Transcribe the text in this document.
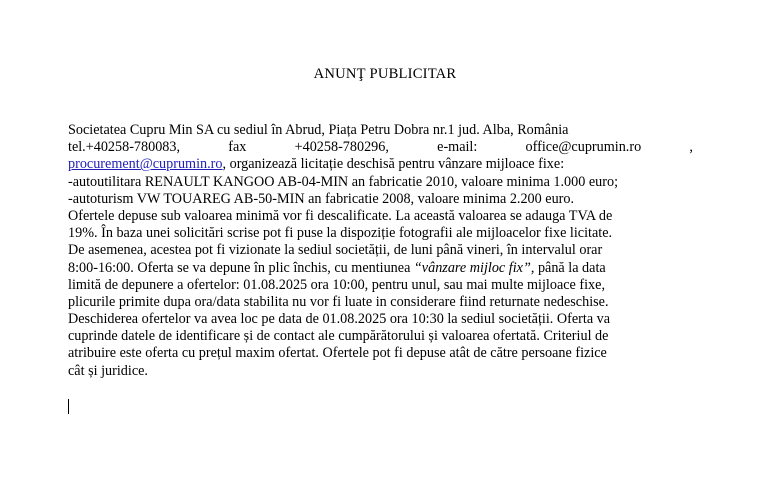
ANUNŢ PUBLICITAR
Societatea Cupru Min SA cu sediul în Abrud, Piața Petru Dobra nr.1 jud. Alba, România
tel.+40258-780083,	fax	+40258-780296,	e-mail:	office@cuprumin.ro	,
procurement@cuprumin.ro, organizează licitație deschisă pentru vânzare mijloace fixe:
-autoutilitara RENAULT KANGOO AB-04-MIN an fabricatie 2010, valoare minima 1.000 euro;
-autoturism VW TOUAREG AB-50-MIN an fabricatie 2008, valoare minima 2.200 euro.
Ofertele depuse sub valoarea minimă vor fi descalificate. La această valoarea se adauga TVA de
19%. În baza unei solicitări scrise pot fi puse la dispoziție fotografii ale mijloacelor fixe licitate.
De asemenea, acestea pot fi vizionate la sediul societății, de luni până vineri, în intervalul orar
8:00-16:00. Oferta se va depune în plic închis, cu mentiunea “vânzare mijloc fix”, până la data
limită de depunere a ofertelor: 01.08.2025 ora 10:00, pentru unul, sau mai multe mijloace fixe,
plicurile primite dupa ora/data stabilita nu vor fi luate in considerare fiind returnate nedeschise.
Deschiderea ofertelor va avea loc pe data de 01.08.2025 ora 10:30 la sediul societății. Oferta va
cuprinde datele de identificare și de contact ale cumpărătorului și valoarea ofertată. Criteriul de
atribuire este oferta cu prețul maxim ofertat. Ofertele pot fi depuse atât de către persoane fizice
cât și juridice.
